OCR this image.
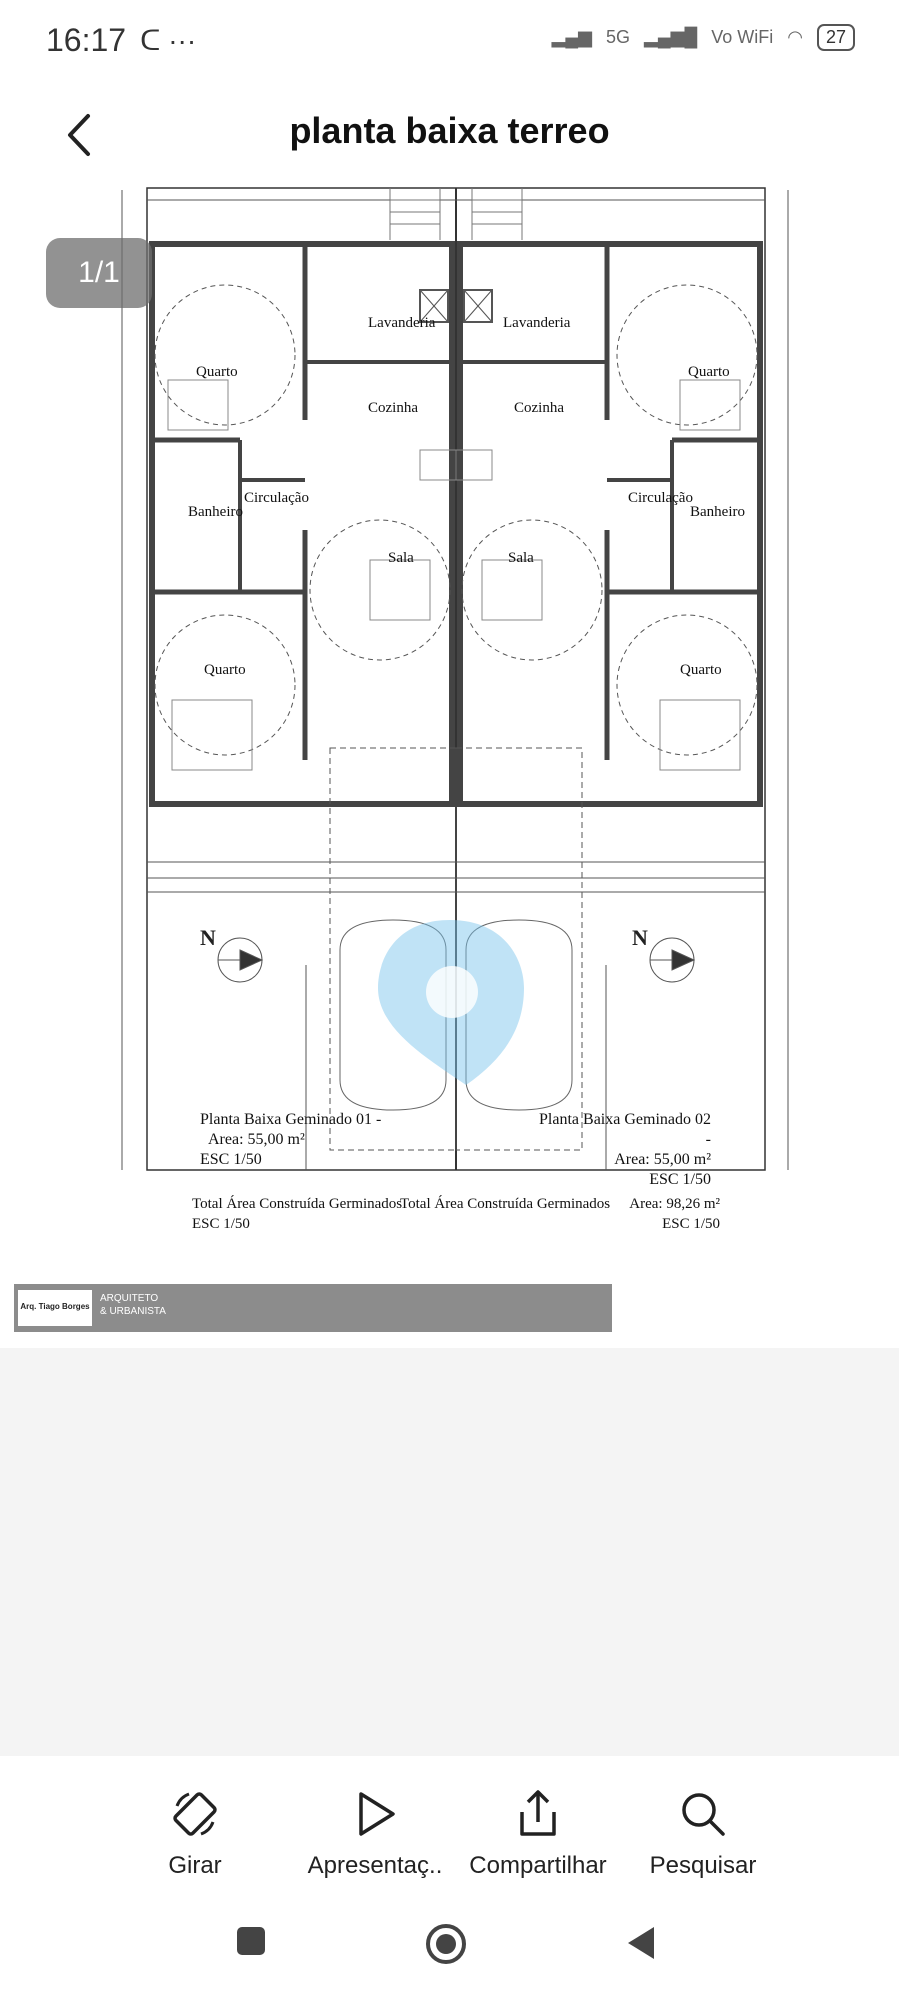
16:17 ᑕ ···	▂▄▆ 5G ▂▄▆█ Vo WiFi ◠	27
planta baixa terreo
N	N
Lavanderia	Lavanderia
Cozinha	Cozinha
Quarto	Quarto
Quarto	Quarto
Sala	Sala
Banheiro	Banheiro
Circulação	Circulação
Planta Baixa Geminado 01 -
Area: 55,00 m²
ESC 1/50
Planta Baixa Geminado 02 -
Area: 55,00 m²
ESC 1/50
Total Área Construída Germinados
ESC 1/50
Total Área Construída Germinados Area: 98,26 m²
ESC 1/50
Arq. Tiago Borges
ARQUITETO
& URBANISTA
1/1
Girar	Apresentaç..	Compartilhar	Pesquisar
